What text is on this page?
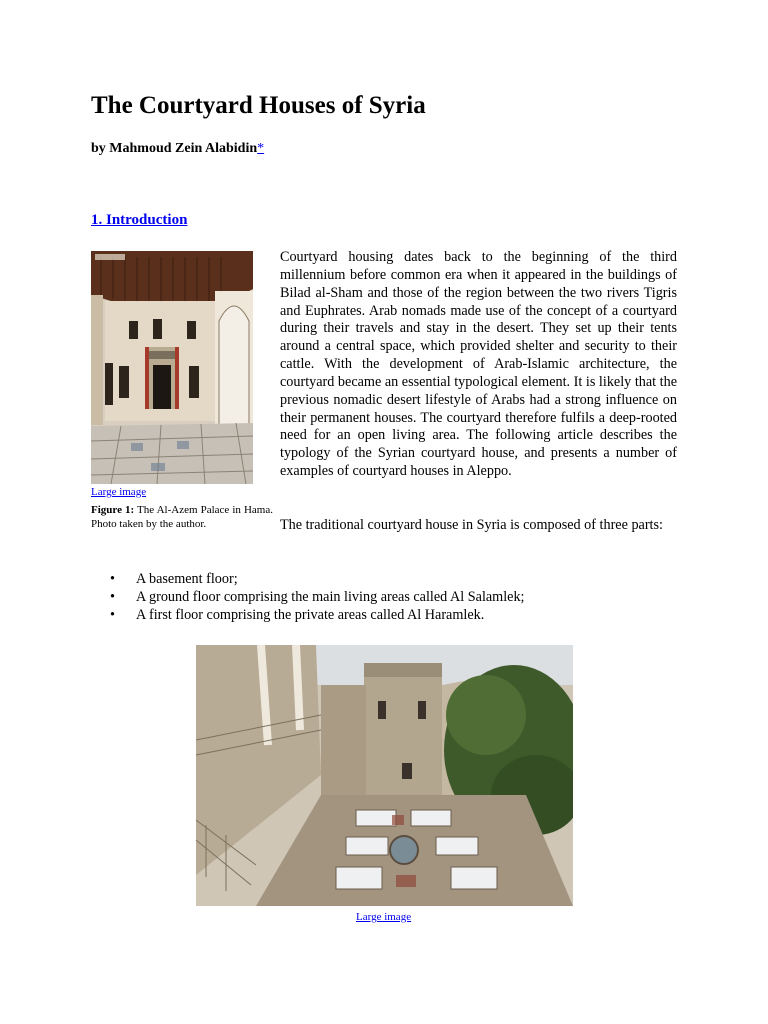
The Courtyard Houses of Syria

by Mahmoud Zein Alabidin*

1. Introduction
Large image
Figure 1: The Al-Azem Palace in Hama. Photo taken by the author.

Courtyard housing dates back to the beginning of the third millennium before common era when it appeared in the buildings of Bilad al-Sham and those of the region between the two rivers Tigris and Euphrates. Arab nomads made use of the concept of a courtyard during their travels and stay in the desert. They set up their tents around a central space, which provided shelter and security to their cattle. With the development of Arab-Islamic architecture, the courtyard became an essential typological element. It is likely that the previous nomadic desert lifestyle of Arabs had a strong influence on their permanent houses. The courtyard therefore fulfils a deep-rooted need for an open living area. The following article describes the typology of the Syrian courtyard house, and presents a number of examples of courtyard houses in Aleppo.

The traditional courtyard house in Syria is composed of three parts:

• A basement floor;
• A ground floor comprising the main living areas called Al Salamlek;
• A first floor comprising the private areas called Al Haramlek.
Large image
